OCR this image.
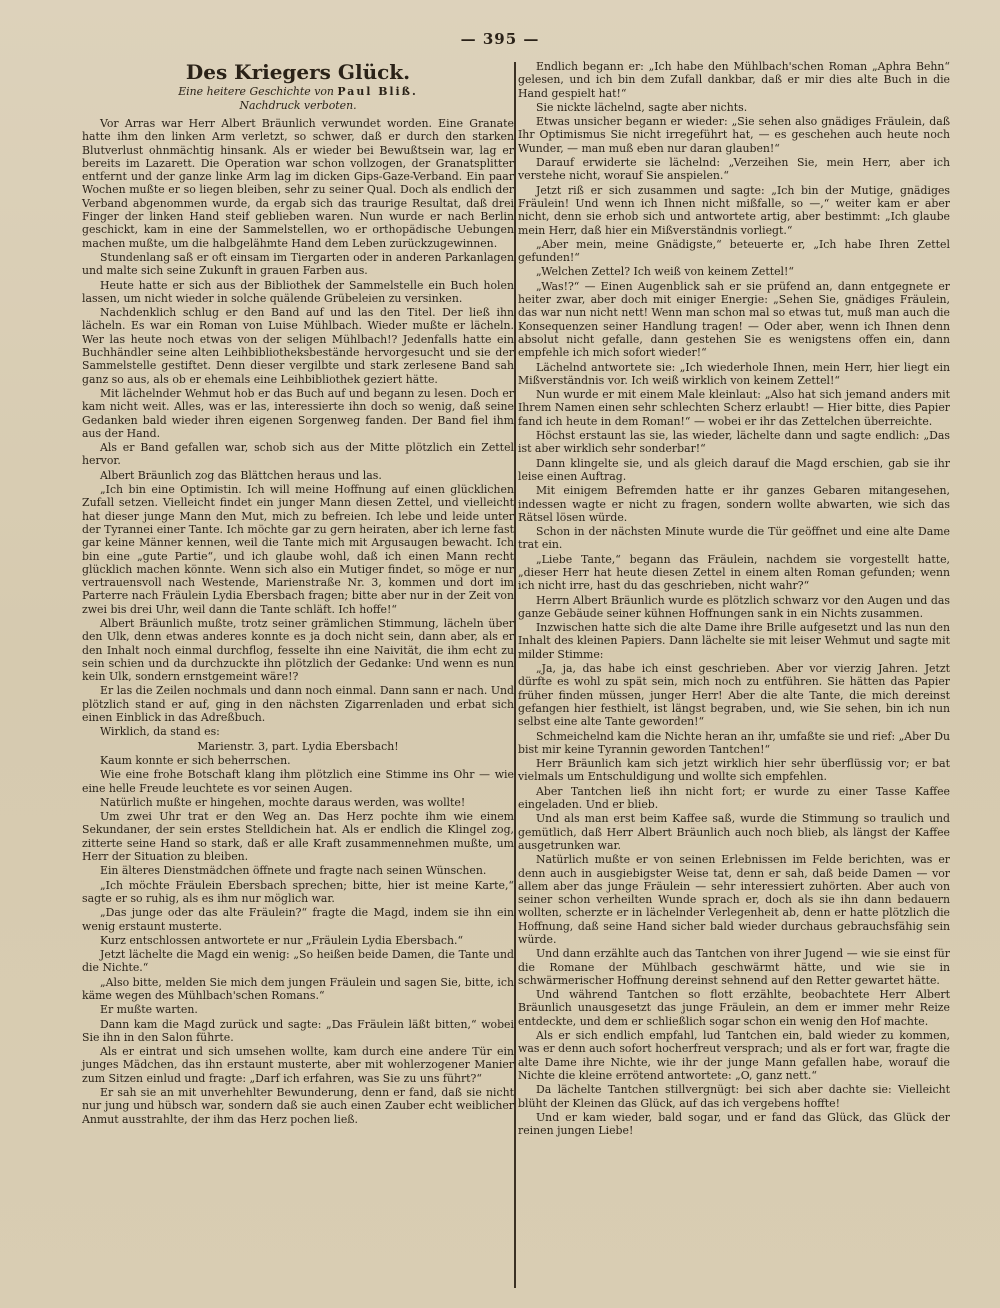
— 395 —
Des Kriegers Glück.
Eine heitere Geschichte von Paul Bliß.
Nachdruck verboten.

Vor Arras war Herr Albert Bräunlich verwundet worden. Eine Granate hatte ihm den linken Arm verletzt, so schwer, daß er durch den starken Blutverlust ohnmächtig hinsank. Als er wieder bei Bewußtsein war, lag er bereits im Lazarett. Die Operation war schon vollzogen, der Granatsplitter entfernt und der ganze linke Arm lag im dicken Gips-Gaze-Verband. Ein paar Wochen mußte er so liegen bleiben, sehr zu seiner Qual. Doch als endlich der Verband abgenommen wurde, da ergab sich das traurige Resultat, daß drei Finger der linken Hand steif geblieben waren. Nun wurde er nach Berlin geschickt, kam in eine der Sammelstellen, wo er orthopädische Uebungen machen mußte, um die halbgelähmte Hand dem Leben zurückzugewinnen.

Stundenlang saß er oft einsam im Tiergarten oder in anderen Parkanlagen und malte sich seine Zukunft in grauen Farben aus.

Heute hatte er sich aus der Bibliothek der Sammelstelle ein Buch holen lassen, um nicht wieder in solche quälende Grübeleien zu versinken.

Nachdenklich schlug er den Band auf und las den Titel. Der ließ ihn lächeln. Es war ein Roman von Luise Mühlbach. Wieder mußte er lächeln. Wer las heute noch etwas von der seligen Mühlbach!? Jedenfalls hatte ein Buchhändler seine alten Leihbibliotheksbestände hervorgesucht und sie der Sammelstelle gestiftet. Denn dieser vergilbte und stark zerlesene Band sah ganz so aus, als ob er ehemals eine Leihbibliothek geziert hätte.

Mit lächelnder Wehmut hob er das Buch auf und begann zu lesen. Doch er kam nicht weit. Alles, was er las, interessierte ihn doch so wenig, daß seine Gedanken bald wieder ihren eigenen Sorgenweg fanden. Der Band fiel ihm aus der Hand.

Als er Band gefallen war, schob sich aus der Mitte plötzlich ein Zettel hervor.

Albert Bräunlich zog das Blättchen heraus und las.

„Ich bin eine Optimistin. Ich will meine Hoffnung auf einen glücklichen Zufall setzen. Vielleicht findet ein junger Mann diesen Zettel, und vielleicht hat dieser junge Mann den Mut, mich zu befreien. Ich lebe und leide unter der Tyrannei einer Tante. Ich möchte gar zu gern heiraten, aber ich lerne fast gar keine Männer kennen, weil die Tante mich mit Argusaugen bewacht. Ich bin eine „gute Partie“, und ich glaube wohl, daß ich einen Mann recht glücklich machen könnte. Wenn sich also ein Mutiger findet, so möge er nur vertrauensvoll nach Westende, Marienstraße Nr. 3, kommen und dort im Parterre nach Fräulein Lydia Ebersbach fragen; bitte aber nur in der Zeit von zwei bis drei Uhr, weil dann die Tante schläft. Ich hoffe!“

Albert Bräunlich mußte, trotz seiner grämlichen Stimmung, lächeln über den Ulk, denn etwas anderes konnte es ja doch nicht sein, dann aber, als er den Inhalt noch einmal durchflog, fesselte ihn eine Naivität, die ihm echt zu sein schien und da durchzuckte ihn plötzlich der Gedanke: Und wenn es nun kein Ulk, sondern ernstgemeint wäre!?

Er las die Zeilen nochmals und dann noch einmal. Dann sann er nach. Und plötzlich stand er auf, ging in den nächsten Zigarrenladen und erbat sich einen Einblick in das Adreßbuch.

Wirklich, da stand es:

Marienstr. 3, part. Lydia Ebersbach!

Kaum konnte er sich beherrschen.

Wie eine frohe Botschaft klang ihm plötzlich eine Stimme ins Ohr — wie eine helle Freude leuchtete es vor seinen Augen.

Natürlich mußte er hingehen, mochte daraus werden, was wollte!

Um zwei Uhr trat er den Weg an. Das Herz pochte ihm wie einem Sekundaner, der sein erstes Stelldichein hat. Als er endlich die Klingel zog, zitterte seine Hand so stark, daß er alle Kraft zusammennehmen mußte, um Herr der Situation zu bleiben.

Ein älteres Dienstmädchen öffnete und fragte nach seinen Wünschen.

„Ich möchte Fräulein Ebersbach sprechen; bitte, hier ist meine Karte,“ sagte er so ruhig, als es ihm nur möglich war.

„Das junge oder das alte Fräulein?“ fragte die Magd, indem sie ihn ein wenig erstaunt musterte.

Kurz entschlossen antwortete er nur „Fräulein Lydia Ebersbach.“

Jetzt lächelte die Magd ein wenig: „So heißen beide Damen, die Tante und die Nichte.“

„Also bitte, melden Sie mich dem jungen Fräulein und sagen Sie, bitte, ich käme wegen des Mühlbach'schen Romans.“

Er mußte warten.

Dann kam die Magd zurück und sagte: „Das Fräulein läßt bitten,“ wobei Sie ihn in den Salon führte.

Als er eintrat und sich umsehen wollte, kam durch eine andere Tür ein junges Mädchen, das ihn erstaunt musterte, aber mit wohlerzogener Manier zum Sitzen einlud und fragte: „Darf ich erfahren, was Sie zu uns führt?“

Er sah sie an mit unverhehlter Bewunderung, denn er fand, daß sie nicht nur jung und hübsch war, sondern daß sie auch einen Zauber echt weiblicher Anmut ausstrahlte, der ihm das Herz pochen ließ.

Endlich begann er: „Ich habe den Mühlbach'schen Roman „Aphra Behn“ gelesen, und ich bin dem Zufall dankbar, daß er mir dies alte Buch in die Hand gespielt hat!“

Sie nickte lächelnd, sagte aber nichts.

Etwas unsicher begann er wieder: „Sie sehen also gnädiges Fräulein, daß Ihr Optimismus Sie nicht irregeführt hat, — es geschehen auch heute noch Wunder, — man muß eben nur daran glauben!“

Darauf erwiderte sie lächelnd: „Verzeihen Sie, mein Herr, aber ich verstehe nicht, worauf Sie anspielen.“

Jetzt riß er sich zusammen und sagte: „Ich bin der Mutige, gnädiges Fräulein! Und wenn ich Ihnen nicht mißfalle, so —,“ weiter kam er aber nicht, denn sie erhob sich und antwortete artig, aber bestimmt: „Ich glaube mein Herr, daß hier ein Mißverständnis vorliegt.“

„Aber mein, meine Gnädigste,“ beteuerte er, „Ich habe Ihren Zettel gefunden!“

„Welchen Zettel? Ich weiß von keinem Zettel!“

„Was!?“ — Einen Augenblick sah er sie prüfend an, dann entgegnete er heiter zwar, aber doch mit einiger Energie: „Sehen Sie, gnädiges Fräulein, das war nun nicht nett! Wenn man schon mal so etwas tut, muß man auch die Konsequenzen seiner Handlung tragen! — Oder aber, wenn ich Ihnen denn absolut nicht gefalle, dann gestehen Sie es wenigstens offen ein, dann empfehle ich mich sofort wieder!“

Lächelnd antwortete sie: „Ich wiederhole Ihnen, mein Herr, hier liegt ein Mißverständnis vor. Ich weiß wirklich von keinem Zettel!“

Nun wurde er mit einem Male kleinlaut: „Also hat sich jemand anders mit Ihrem Namen einen sehr schlechten Scherz erlaubt! — Hier bitte, dies Papier fand ich heute in dem Roman!“ — wobei er ihr das Zettelchen überreichte.

Höchst erstaunt las sie, las wieder, lächelte dann und sagte endlich: „Das ist aber wirklich sehr sonderbar!“

Dann klingelte sie, und als gleich darauf die Magd erschien, gab sie ihr leise einen Auftrag.

Mit einigem Befremden hatte er ihr ganzes Gebaren mitangesehen, indessen wagte er nicht zu fragen, sondern wollte abwarten, wie sich das Rätsel lösen würde.

Schon in der nächsten Minute wurde die Tür geöffnet und eine alte Dame trat ein.

„Liebe Tante,“ begann das Fräulein, nachdem sie vorgestellt hatte, „dieser Herr hat heute diesen Zettel in einem alten Roman gefunden; wenn ich nicht irre, hast du das geschrieben, nicht wahr?“

Herrn Albert Bräunlich wurde es plötzlich schwarz vor den Augen und das ganze Gebäude seiner kühnen Hoffnungen sank in ein Nichts zusammen.

Inzwischen hatte sich die alte Dame ihre Brille aufgesetzt und las nun den Inhalt des kleinen Papiers. Dann lächelte sie mit leiser Wehmut und sagte mit milder Stimme:

„Ja, ja, das habe ich einst geschrieben. Aber vor vierzig Jahren. Jetzt dürfte es wohl zu spät sein, mich noch zu entführen. Sie hätten das Papier früher finden müssen, junger Herr! Aber die alte Tante, die mich dereinst gefangen hier festhielt, ist längst begraben, und, wie Sie sehen, bin ich nun selbst eine alte Tante geworden!“

Schmeichelnd kam die Nichte heran an ihr, umfaßte sie und rief: „Aber Du bist mir keine Tyrannin geworden Tantchen!“

Herr Bräunlich kam sich jetzt wirklich hier sehr überflüssig vor; er bat vielmals um Entschuldigung und wollte sich empfehlen.

Aber Tantchen ließ ihn nicht fort; er wurde zu einer Tasse Kaffee eingeladen. Und er blieb.

Und als man erst beim Kaffee saß, wurde die Stimmung so traulich und gemütlich, daß Herr Albert Bräunlich auch noch blieb, als längst der Kaffee ausgetrunken war.

Natürlich mußte er von seinen Erlebnissen im Felde berichten, was er denn auch in ausgiebigster Weise tat, denn er sah, daß beide Damen — vor allem aber das junge Fräulein — sehr interessiert zuhörten. Aber auch von seiner schon verheilten Wunde sprach er, doch als sie ihn dann bedauern wollten, scherzte er in lächelnder Verlegenheit ab, denn er hatte plötzlich die Hoffnung, daß seine Hand sicher bald wieder durchaus gebrauchsfähig sein würde.

Und dann erzählte auch das Tantchen von ihrer Jugend — wie sie einst für die Romane der Mühlbach geschwärmt hätte, und wie sie in schwärmerischer Hoffnung dereinst sehnend auf den Retter gewartet hätte.

Und während Tantchen so flott erzählte, beobachtete Herr Albert Bräunlich unausgesetzt das junge Fräulein, an dem er immer mehr Reize entdeckte, und dem er schließlich sogar schon ein wenig den Hof machte.

Als er sich endlich empfahl, lud Tantchen ein, bald wieder zu kommen, was er denn auch sofort hocherfreut versprach; und als er fort war, fragte die alte Dame ihre Nichte, wie ihr der junge Mann gefallen habe, worauf die Nichte die kleine errötend antwortete: „O, ganz nett.“

Da lächelte Tantchen stillvergnügt: bei sich aber dachte sie: Vielleicht blüht der Kleinen das Glück, auf das ich vergebens hoffte!

Und er kam wieder, bald sogar, und er fand das Glück, das Glück der reinen jungen Liebe!
